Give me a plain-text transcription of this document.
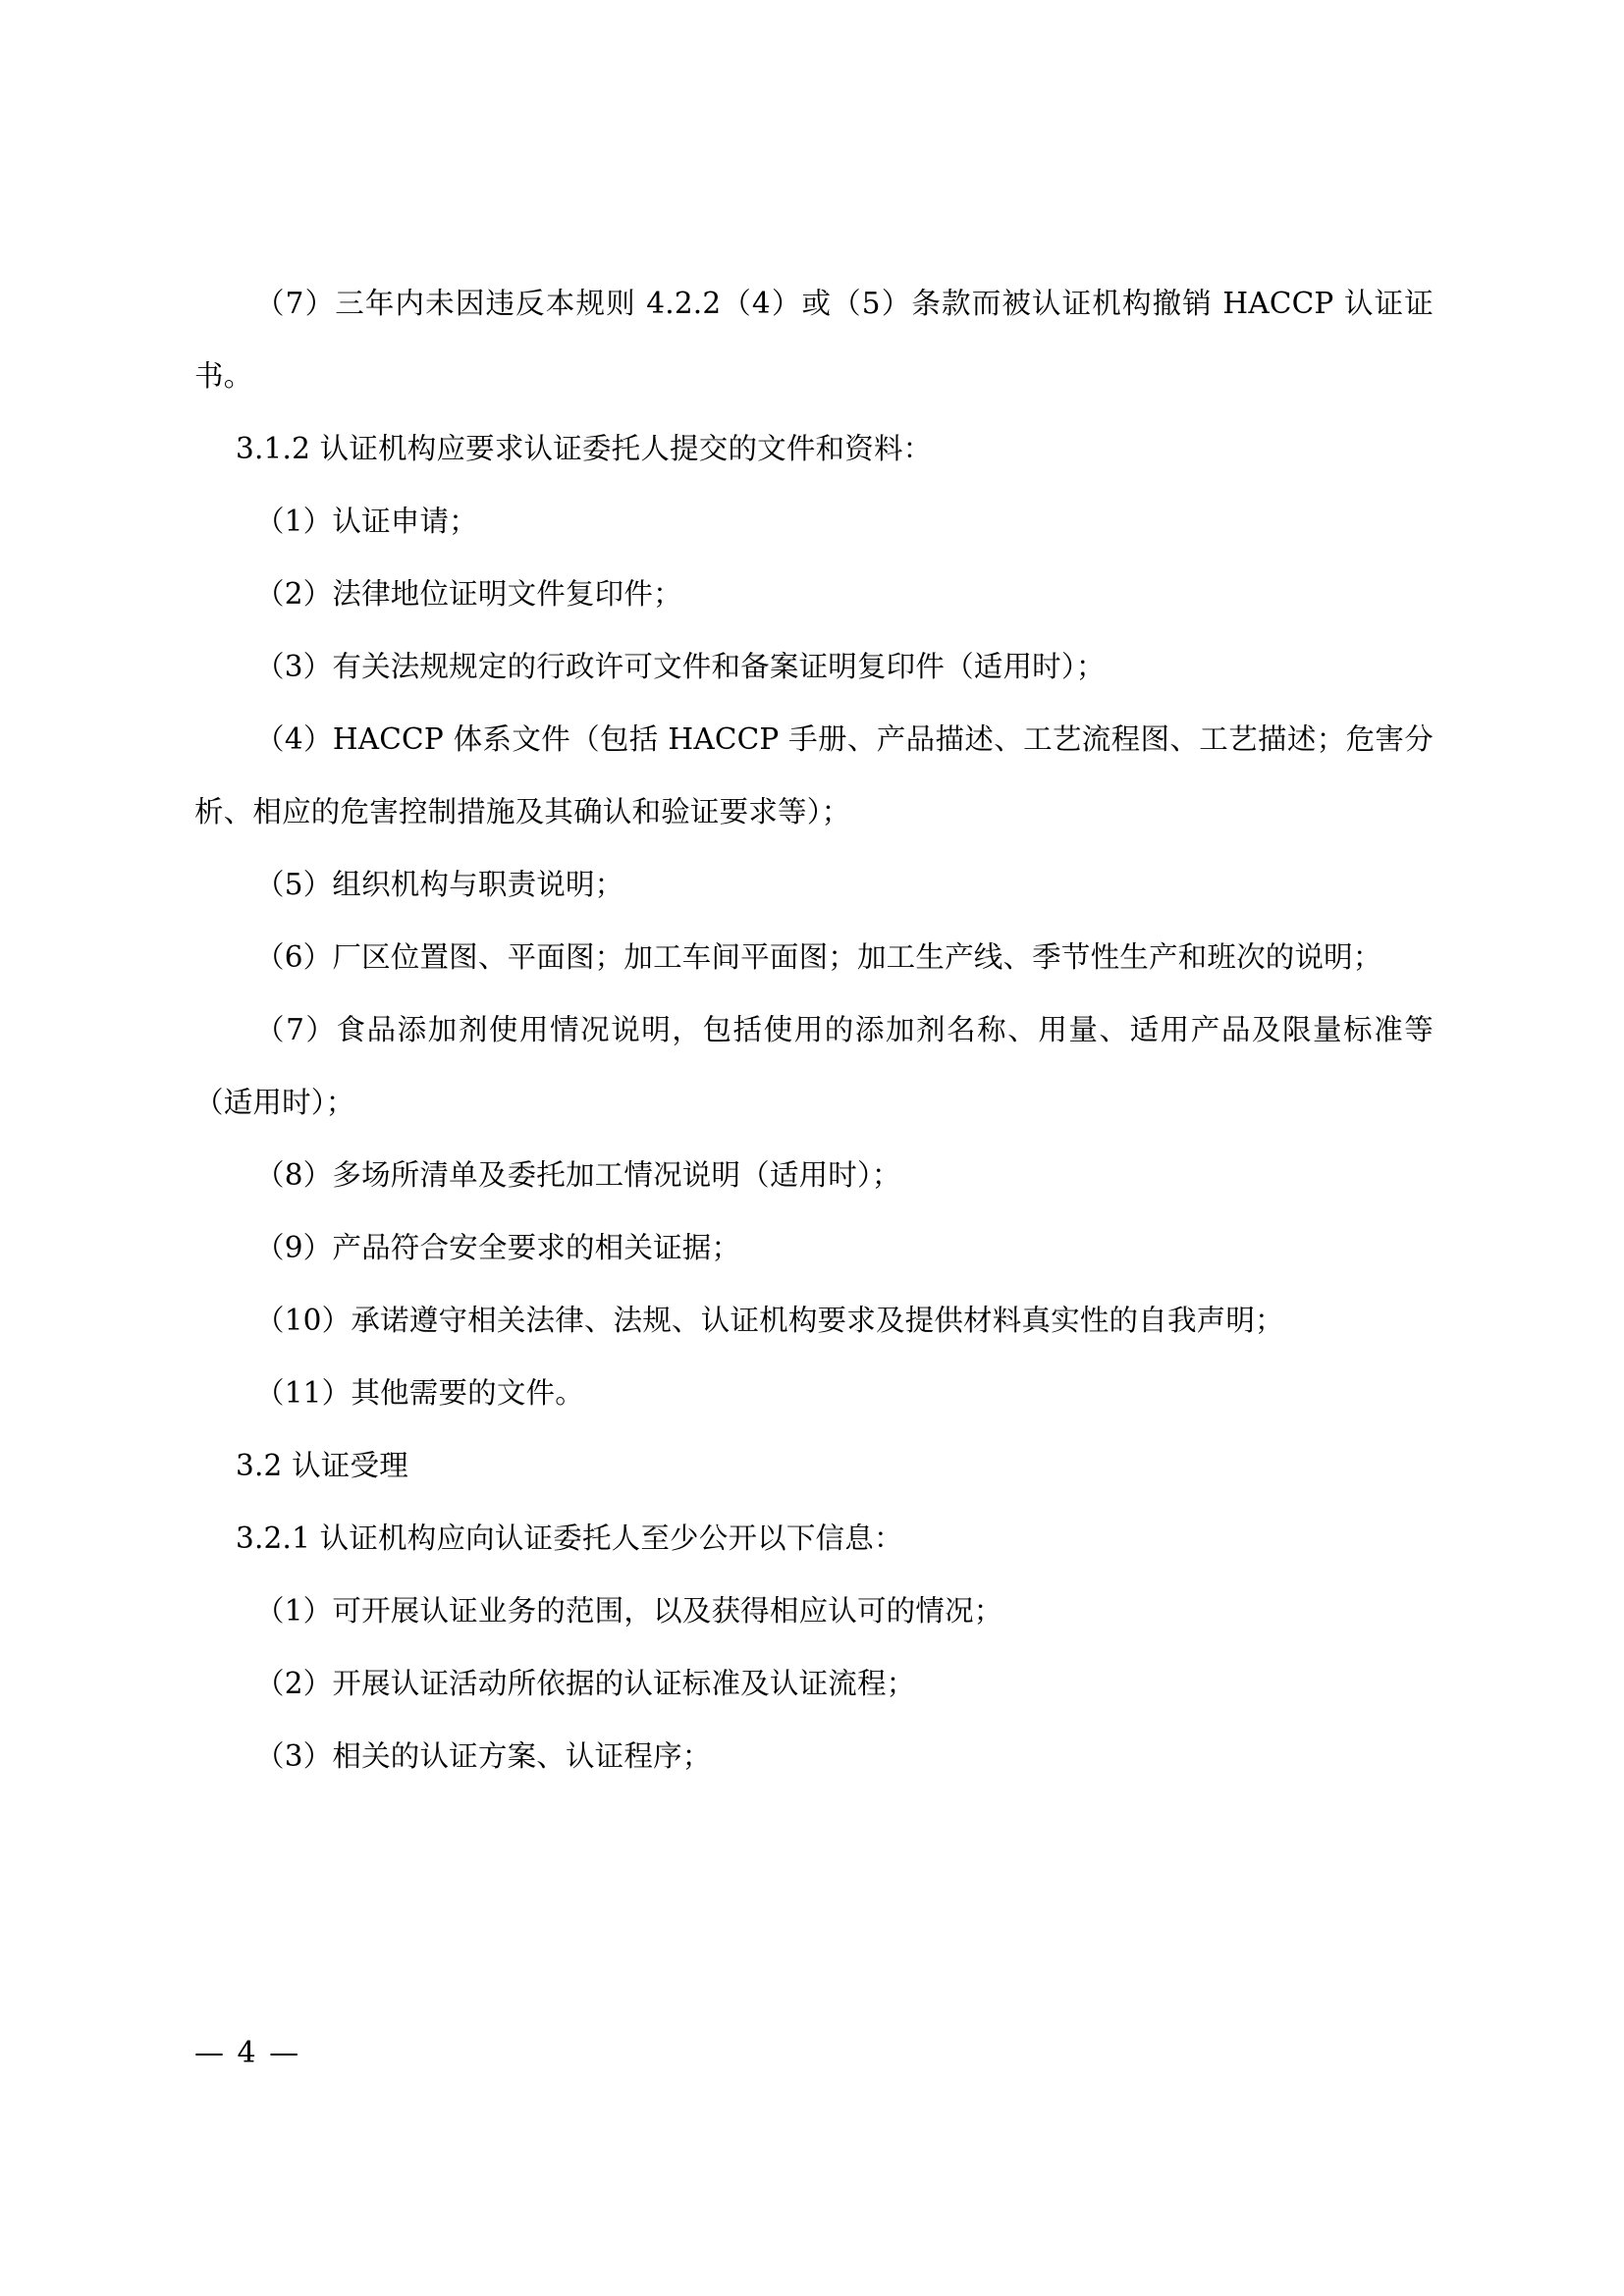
（7）三年内未因违反本规则 4.2.2（4）或（5）条款而被认证机构撤销 HACCP 认证证书。

3.1.2 认证机构应要求认证委托人提交的文件和资料：

（1）认证申请；

（2）法律地位证明文件复印件；

（3）有关法规规定的行政许可文件和备案证明复印件（适用时）；

（4）HACCP 体系文件（包括 HACCP 手册、产品描述、工艺流程图、工艺描述；危害分析、相应的危害控制措施及其确认和验证要求等）；

（5）组织机构与职责说明；

（6）厂区位置图、平面图；加工车间平面图；加工生产线、季节性生产和班次的说明；

（7）食品添加剂使用情况说明，包括使用的添加剂名称、用量、适用产品及限量标准等（适用时）；

（8）多场所清单及委托加工情况说明（适用时）；

（9）产品符合安全要求的相关证据；

（10）承诺遵守相关法律、法规、认证机构要求及提供材料真实性的自我声明；

（11）其他需要的文件。

3.2 认证受理

3.2.1 认证机构应向认证委托人至少公开以下信息：

（1）可开展认证业务的范围，以及获得相应认可的情况；

（2）开展认证活动所依据的认证标准及认证流程；

（3）相关的认证方案、认证程序；

— 4 —
